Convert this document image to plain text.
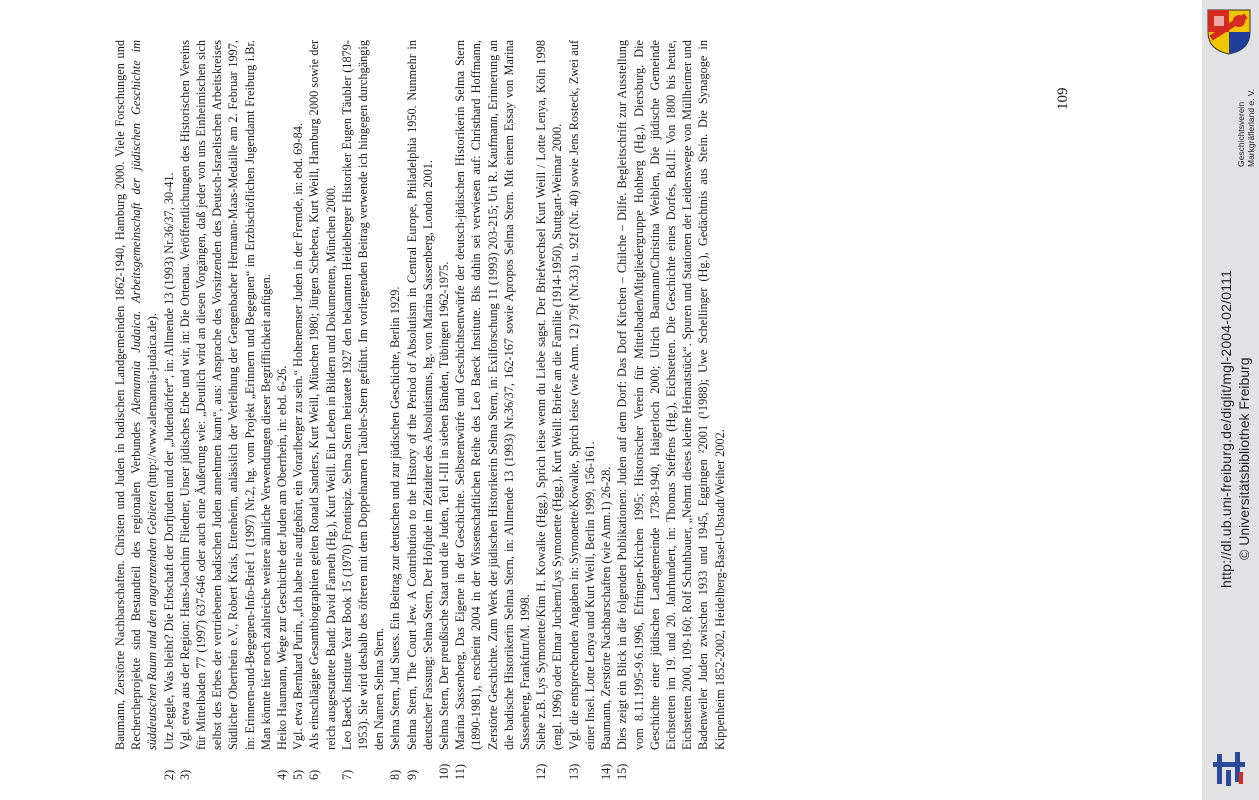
Baumann, Zerstörte Nachbarschaften. Christen und Juden in badischen Landgemeinden 1862-1940, Hamburg 2000. Viele Forschungen und Rechercheprojekte sind Bestandteil des regionalen Verbundes Alemannia Judaica. Arbeitsgemeinschaft der jüdischen Geschichte im süddeutschen Raum und den angrenzenden Gebieten (http://www.alemannia-judaica.de).
2)
Utz Jeggle, Was bleibt? Die Erbschaft der Dorfjuden und der „Judendörfer“, in: Allmende 13 (1993) Nr.36/37, 30-41.
3)
Vgl. etwa aus der Region: Hans-Joachim Fliedner, Unser jüdisches Erbe und wir, in: Die Ortenau. Veröffentlichungen des Historischen Vereins für Mittelbaden 77 (1997) 637-646 oder auch eine Äußerung wie: „Deutlich wird an diesen Vorgängen, daß jeder von uns Einheimischen sich selbst des Erbes der vertriebenen badischen Juden annehmen kann“, aus: Ansprache des Vorsitzenden des Deutsch-Israelischen Arbeitskreises Südlicher Oberrhein e.V., Robert Krais, Ettenheim, anlässlich der Verleihung der Gengenbacher Hermann-Maas-Medaille am 2. Februar 1997, in: Erinnern-und-Begegnen-Info-Brief 1 (1997) Nr.2, hg. vom Projekt „Erinnern und Begegnen“ im Erzbischöflichen Jugendamt Freiburg i.Br. Man könnte hier noch zahlreiche weitere ähnliche Verwendungen dieser Begrifflichkeit anfügen.
4)
Heiko Haumann, Wege zur Geschichte der Juden am Oberrhein, in: ebd. 6-26.
5)
Vgl. etwa Bernhard Purin, „Ich habe nie aufgehört, ein Vorarlberger zu sein.“ Hohenemser Juden in der Fremde, in: ebd. 69-84.
6)
Als einschlägige Gesamtbiographien gelten Ronald Sanders, Kurt Weill, München 1980; Jürgen Schebera, Kurt Weill, Hamburg 2000 sowie der reich ausgestattete Band: David Farneth (Hg.), Kurt Weill. Ein Leben in Bildern und Dokumenten, München 2000.
7)
Leo Baeck Institute Year Book 15 (1970) Frontispiz. Selma Stern heiratete 1927 den bekannten Heidelberger Historiker Eugen Täubler (1879-1953). Sie wird deshalb des öfteren mit dem Doppelnamen Täubler-Stern geführt. Im vorliegenden Beitrag verwende ich hingegen durchgängig den Namen Selma Stern.
8)
Selma Stern, Jud Suess. Ein Beitrag zur deutschen und zur jüdischen Geschichte, Berlin 1929.
9)
Selma Stern, The Court Jew. A Contribution to the History of the Period of Absolutism in Central Europe, Philadelphia 1950. Nunmehr in deutscher Fassung: Selma Stern, Der Hofjude im Zeitalter des Absolutismus, hg. von Marina Sassenberg, London 2001.
10)
Selma Stern, Der preußische Staat und die Juden, Teil I-III in sieben Bänden, Tübingen 1962-1975.
11)
Marina Sassenberg, Das Eigene in der Geschichte. Selbstentwürfe und Geschichtsentwürfe der deutsch-jüdischen Historikerin Selma Stern (1890-1981), erscheint 2004 in der Wissenschaftlichen Reihe des Leo Baeck Institute. Bis dahin sei verwiesen auf: Christhard Hoffmann, Zerstörte Geschichte. Zum Werk der jüdischen Historikerin Selma Stern, in: Exilforschung 11 (1993) 203-215; Uri R. Kaufmann, Erinnerung an die badische Historikerin Selma Stern, in: Allmende 13 (1993) Nr.36/37, 162-167 sowie Apropos Selma Stern. Mit einem Essay von Marina Sassenberg, Frankfurt/M. 1998.
12)
Siehe z.B. Lys Symonette/Kim H. Kowalke (Hgg.), Sprich leise wenn du Liebe sagst. Der Briefwechsel Kurt Weill / Lotte Lenya, Köln 1998 (engl. 1996) oder Elmar Juchem/Lys Symonette (Hgg.), Kurt Weill: Briefe an die Familie (1914-1950), Stuttgart-Weimar 2000.
13)
Vgl. die entsprechenden Angaben in: Symonette/Kowalke, Sprich leise (wie Anm. 12) 79f (Nr.33) u. 92f (Nr. 40) sowie Jens Rosteck, Zwei auf einer Insel. Lotte Lenya und Kurt Weill, Berlin 1999, 156-161.
14)
Baumann, Zerstörte Nachbarschaften (wie Anm.1) 26-28.
15)
Dies zeigt ein Blick in die folgenden Publikationen: Juden auf dem Dorf: Das Dorf Kirchen – Chilche – Dilfe. Begleitschrift zur Ausstellung vom 8.11.1995-9.6.1996, Efringen-Kirchen 1995; Historischer Verein für Mittelbaden/Mitgliedergruppe Hohberg (Hg.), Diersburg. Die Geschichte einer jüdischen Landgemeinde 1738-1940, Haigerloch 2000; Ulrich Baumann/Christina Weiblen, Die jüdische Gemeinde Eichstetten im 19. und 20. Jahrhundert, in: Thomas Steffens (Hg.), Eichstetten. Die Geschichte eines Dorfes, Bd.II: Von 1800 bis heute, Eichstetten 2000, 109-160; Rolf Schuhbauer, „Nehmt dieses kleine Heimatstück“. Spuren und Stationen der Leidenswege von Müllheimer und Badenweiler Juden zwischen 1933 und 1945, Eggingen ²2001 (¹1988); Uwe Schellinger (Hg.), Gedächtnis aus Stein. Die Synagoge in Kippenheim 1852-2002, Heidelberg-Basel-Ubstadt/Weiher 2002.
109
Geschichtsverein Markgräflerland e. V.
http://dl.ub.uni-freiburg.de/diglit/mgl-2004-02/0111 © Universitätsbibliothek Freiburg
